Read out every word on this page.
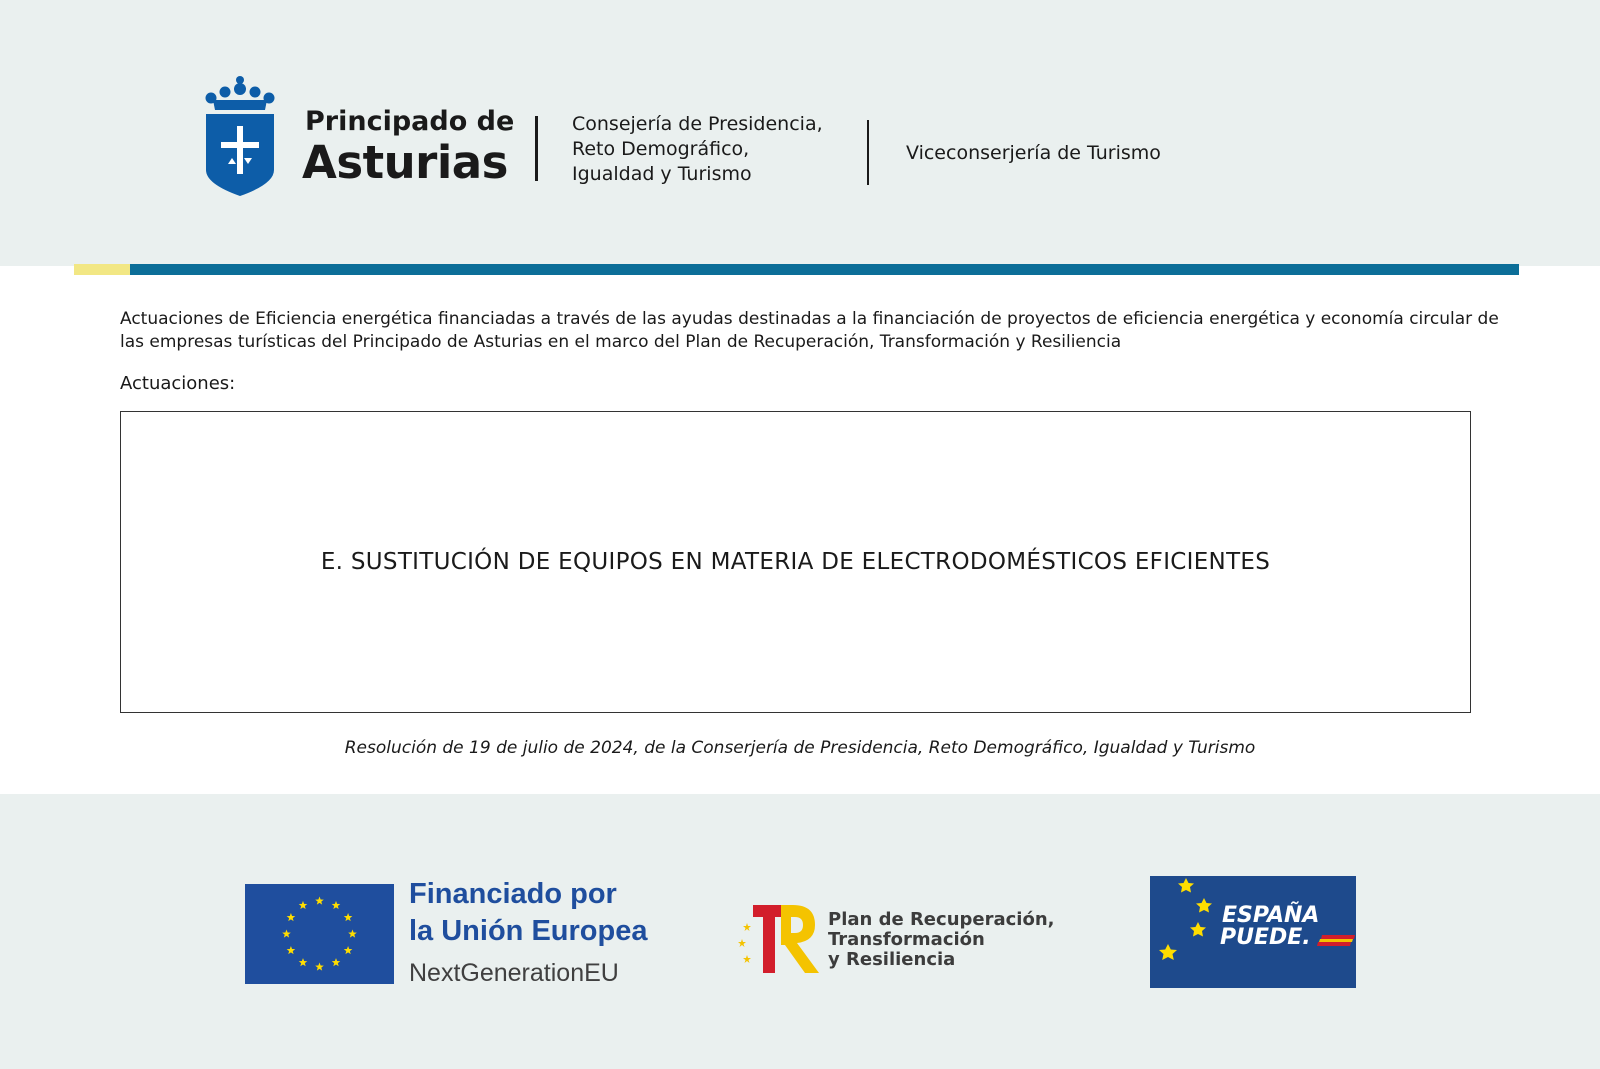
Principado de
Asturias
Consejería de Presidencia,
Reto Demográfico,
Igualdad y Turismo
Viceconserjería de Turismo
Actuaciones de Eficiencia energética financiadas a través de las ayudas destinadas a la financiación de proyectos de eficiencia energética y economía circular de las empresas turísticas del Principado de Asturias en el marco del Plan de Recuperación, Transformación y Resiliencia
Actuaciones:
E. SUSTITUCIÓN DE EQUIPOS EN MATERIA DE ELECTRODOMÉSTICOS EFICIENTES
Resolución de 19 de julio de 2024, de la Conserjería de Presidencia, Reto Demográfico, Igualdad y Turismo
Financiado por
la Unión Europea
NextGenerationEU
Plan de Recuperación,
Transformación
y Resiliencia
ESPAÑA
PUEDE.
